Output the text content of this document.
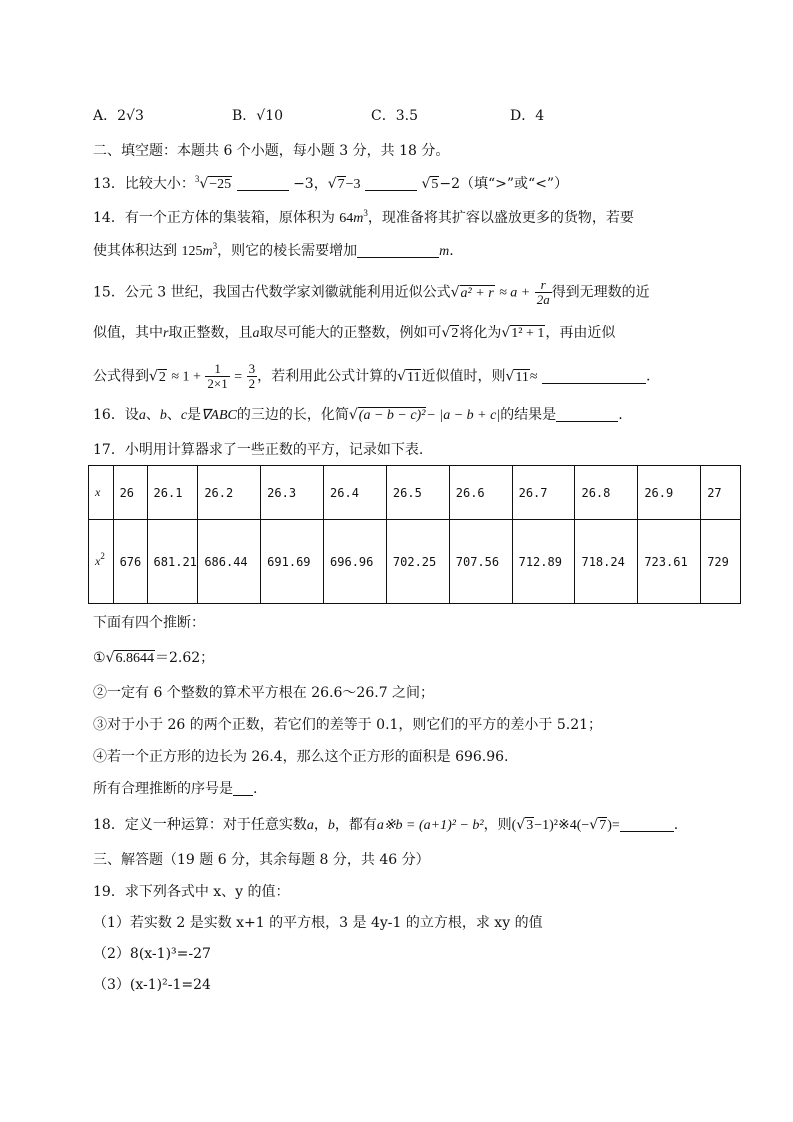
A．2√3	B．√10	C．3.5	D．4
二、填空题：本题共 6 个小题，每小题 3 分，共 18 分。
13．比较大小：$^3$√−25	−3，√7−3	√5−2（填“>”或“<”）
14．有一个正方体的集装箱，原体积为 $64m^3$，现准备将其扩容以盛放更多的货物，若要
使其体积达到 $125m^3$，则它的棱长需要增加	m.
15．公元 3 世纪，我国古代数学家刘徽就能利用近似公式$√a^2 + r \approx a + \frac{r}{2a}$ 得到无理数的近
似值，其中r取正整数，且a取尽可能大的正整数，例如可√2将化为√1² + 1，再由近似
公式得到$√2 \approx 1 + \frac{1}{2\times 1} = \frac{3}{2}$ ，若利用此公式计算的√11近似值时，则√11≈	.
16．设a、b、c是∇ABC的三边的长，化简√(a − b − c)²− |a − b + c|的结果是	.
17．小明用计算器求了一些正数的平方，记录如下表.
x	26	26.1	26.2	26.3	26.4	26.5	26.6	26.7	26.8	26.9	27
$x^2$	676	681.21	686.44	691.69	696.96	702.25	707.56	712.89	718.24	723.61	729
下面有四个推断：
①√6.8644＝2.62；
②一定有 6 个整数的算术平方根在 26.6～26.7 之间；
③对于小于 26 的两个正数，若它们的差等于 0.1，则它们的平方的差小于 5.21；
④若一个正方形的边长为 26.4，那么这个正方形的面积是 696.96.
所有合理推断的序号是 .
18．定义一种运算：对于任意实数a，b，都有a※b = (a+1)² − b²，则(√3−1)²※4(−√7)=	.
三、解答题（19 题 6 分，其余每题 8 分，共 46 分）
19．求下列各式中 x、y 的值：
（1）若实数 2 是实数 x+1 的平方根，3 是 4y-1 的立方根，求 xy 的值
（2）8(x-1)³=-27
（3）(x-1)²-1=24
